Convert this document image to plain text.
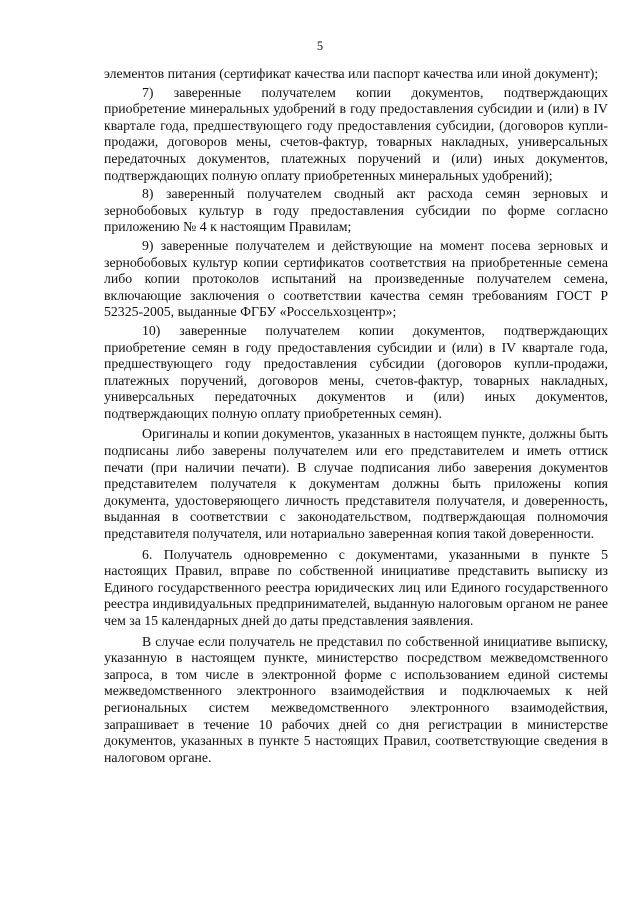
5

элементов питания (сертификат качества или паспорт качества или иной документ);

7) заверенные получателем копии документов, подтверждающих приобретение минеральных удобрений в году предоставления субсидии и (или) в IV квартале года, предшествующего году предоставления субсидии, (договоров купли-продажи, договоров мены, счетов-фактур, товарных накладных, универсальных передаточных документов, платежных поручений и (или) иных документов, подтверждающих полную оплату приобретенных минеральных удобрений);

8) заверенный получателем сводный акт расхода семян зерновых и зернобобовых культур в году предоставления субсидии по форме согласно приложению № 4 к настоящим Правилам;

9) заверенные получателем и действующие на момент посева зерновых и зернобобовых культур копии сертификатов соответствия на приобретенные семена либо копии протоколов испытаний на произведенные получателем семена, включающие заключения о соответствии качества семян требованиям ГОСТ Р 52325-2005, выданные ФГБУ «Россельхозцентр»;

10) заверенные получателем копии документов, подтверждающих приобретение семян в году предоставления субсидии и (или) в IV квартале года, предшествующего году предоставления субсидии (договоров купли-продажи, платежных поручений, договоров мены, счетов-фактур, товарных накладных, универсальных передаточных документов и (или) иных документов, подтверждающих полную оплату приобретенных семян).

Оригиналы и копии документов, указанных в настоящем пункте, должны быть подписаны либо заверены получателем или его представителем и иметь оттиск печати (при наличии печати). В случае подписания либо заверения документов представителем получателя к документам должны быть приложены копия документа, удостоверяющего личность представителя получателя, и доверенность, выданная в соответствии с законодательством, подтверждающая полномочия представителя получателя, или нотариально заверенная копия такой доверенности.

6. Получатель одновременно с документами, указанными в пункте 5 настоящих Правил, вправе по собственной инициативе представить выписку из Единого государственного реестра юридических лиц или Единого государственного реестра индивидуальных предпринимателей, выданную налоговым органом не ранее чем за 15 календарных дней до даты представления заявления.

В случае если получатель не представил по собственной инициативе выписку, указанную в настоящем пункте, министерство посредством межведомственного запроса, в том числе в электронной форме с использованием единой системы межведомственного электронного взаимодействия и подключаемых к ней региональных систем межведомственного электронного взаимодействия, запрашивает в течение 10 рабочих дней со дня регистрации в министерстве документов, указанных в пункте 5 настоящих Правил, соответствующие сведения в налоговом органе.
